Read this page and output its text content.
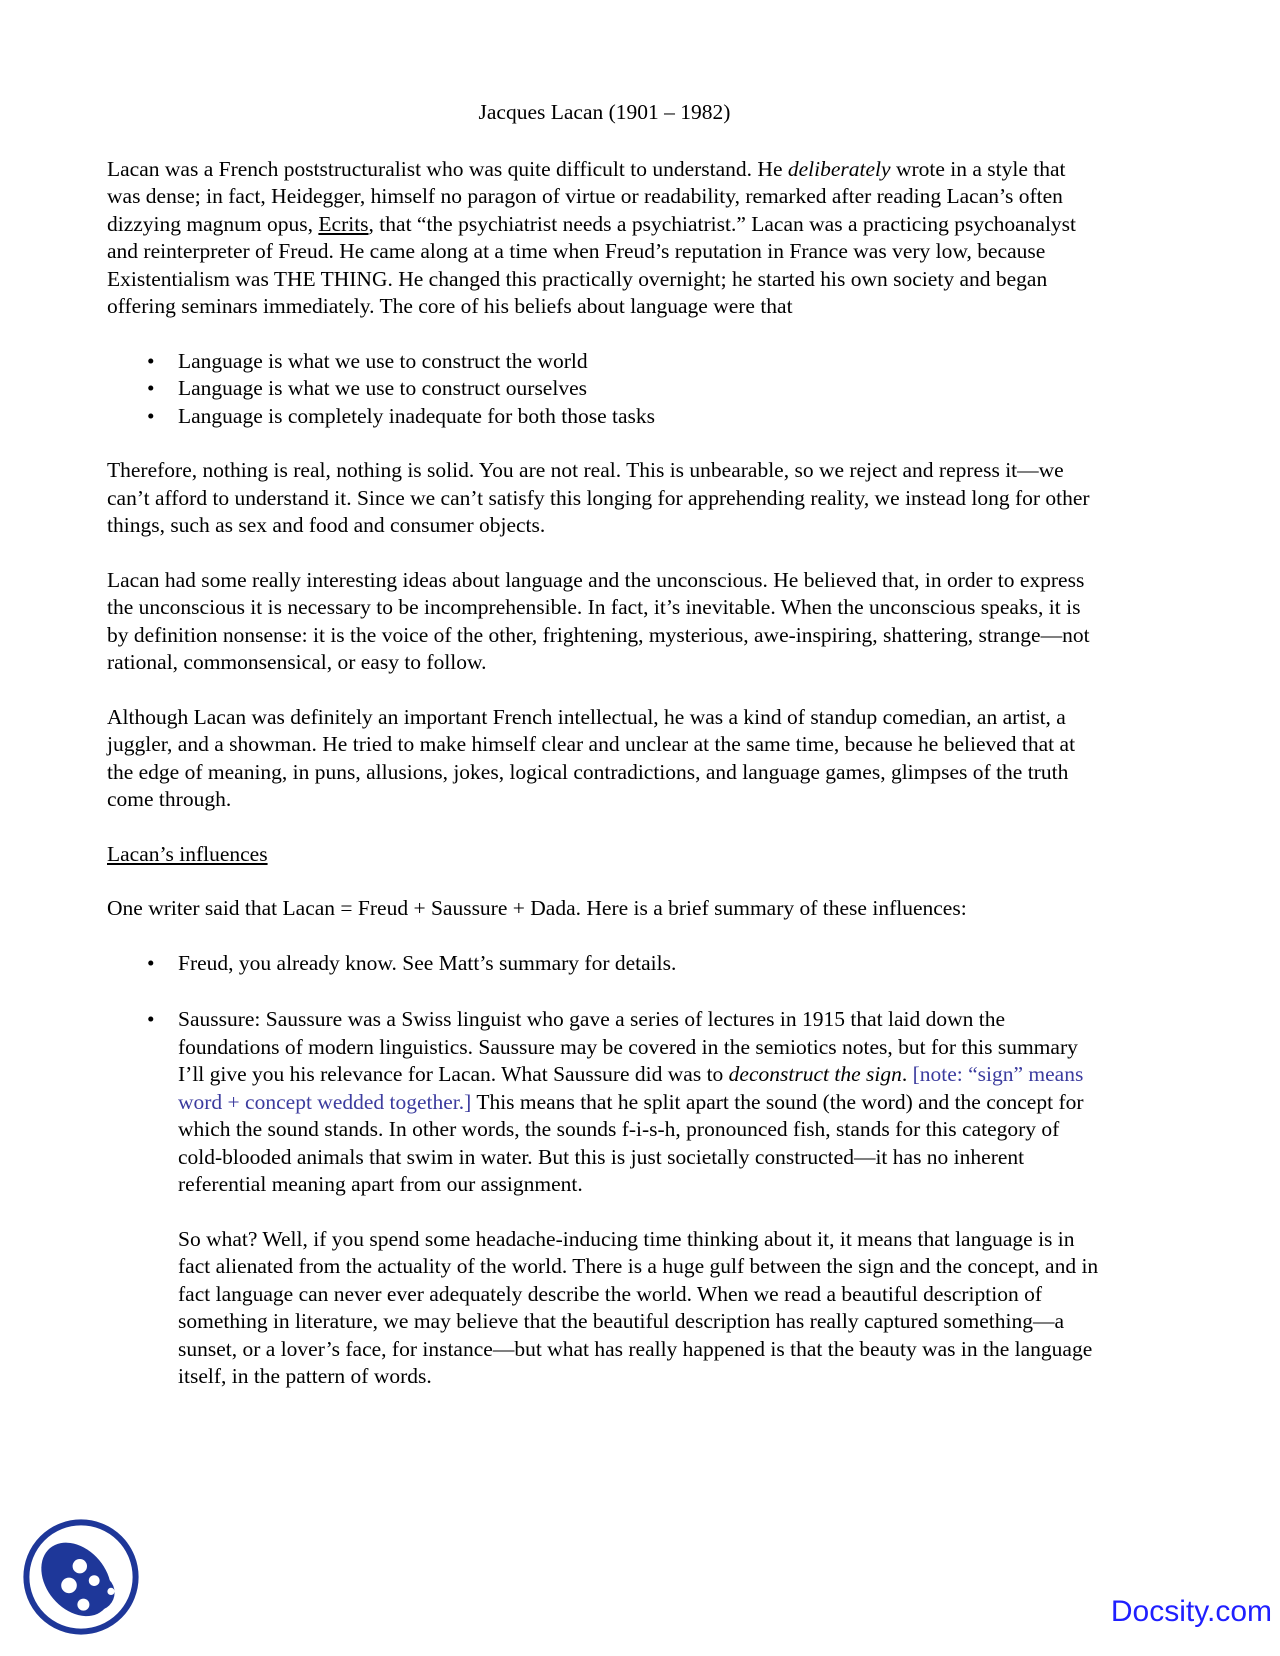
Jacques Lacan (1901 – 1982)

Lacan was a French poststructuralist who was quite difficult to understand. He deliberately wrote in a style that was dense; in fact, Heidegger, himself no paragon of virtue or readability, remarked after reading Lacan’s often dizzying magnum opus, Ecrits, that “the psychiatrist needs a psychiatrist.” Lacan was a practicing psychoanalyst and reinterpreter of Freud. He came along at a time when Freud’s reputation in France was very low, because Existentialism was THE THING. He changed this practically overnight; he started his own society and began offering seminars immediately. The core of his beliefs about language were that

• Language is what we use to construct the world
• Language is what we use to construct ourselves
• Language is completely inadequate for both those tasks

Therefore, nothing is real, nothing is solid. You are not real. This is unbearable, so we reject and repress it—we can’t afford to understand it. Since we can’t satisfy this longing for apprehending reality, we instead long for other things, such as sex and food and consumer objects.

Lacan had some really interesting ideas about language and the unconscious. He believed that, in order to express the unconscious it is necessary to be incomprehensible. In fact, it’s inevitable. When the unconscious speaks, it is by definition nonsense: it is the voice of the other, frightening, mysterious, awe-inspiring, shattering, strange—not rational, commonsensical, or easy to follow.

Although Lacan was definitely an important French intellectual, he was a kind of standup comedian, an artist, a juggler, and a showman. He tried to make himself clear and unclear at the same time, because he believed that at the edge of meaning, in puns, allusions, jokes, logical contradictions, and language games, glimpses of the truth come through.

Lacan’s influences

One writer said that Lacan = Freud + Saussure + Dada. Here is a brief summary of these influences:

• Freud, you already know. See Matt’s summary for details.
• Saussure: Saussure was a Swiss linguist who gave a series of lectures in 1915 that laid down the foundations of modern linguistics. Saussure may be covered in the semiotics notes, but for this summary I’ll give you his relevance for Lacan. What Saussure did was to deconstruct the sign. [note: “sign” means word + concept wedded together.] This means that he split apart the sound (the word) and the concept for which the sound stands. In other words, the sounds f-i-s-h, pronounced fish, stands for this category of cold-blooded animals that swim in water. But this is just societally constructed—it has no inherent referential meaning apart from our assignment.

So what? Well, if you spend some headache-inducing time thinking about it, it means that language is in fact alienated from the actuality of the world. There is a huge gulf between the sign and the concept, and in fact language can never ever adequately describe the world. When we read a beautiful description of something in literature, we may believe that the beautiful description has really captured something—a sunset, or a lover’s face, for instance—but what has really happened is that the beauty was in the language itself, in the pattern of words.

Docsity.com
